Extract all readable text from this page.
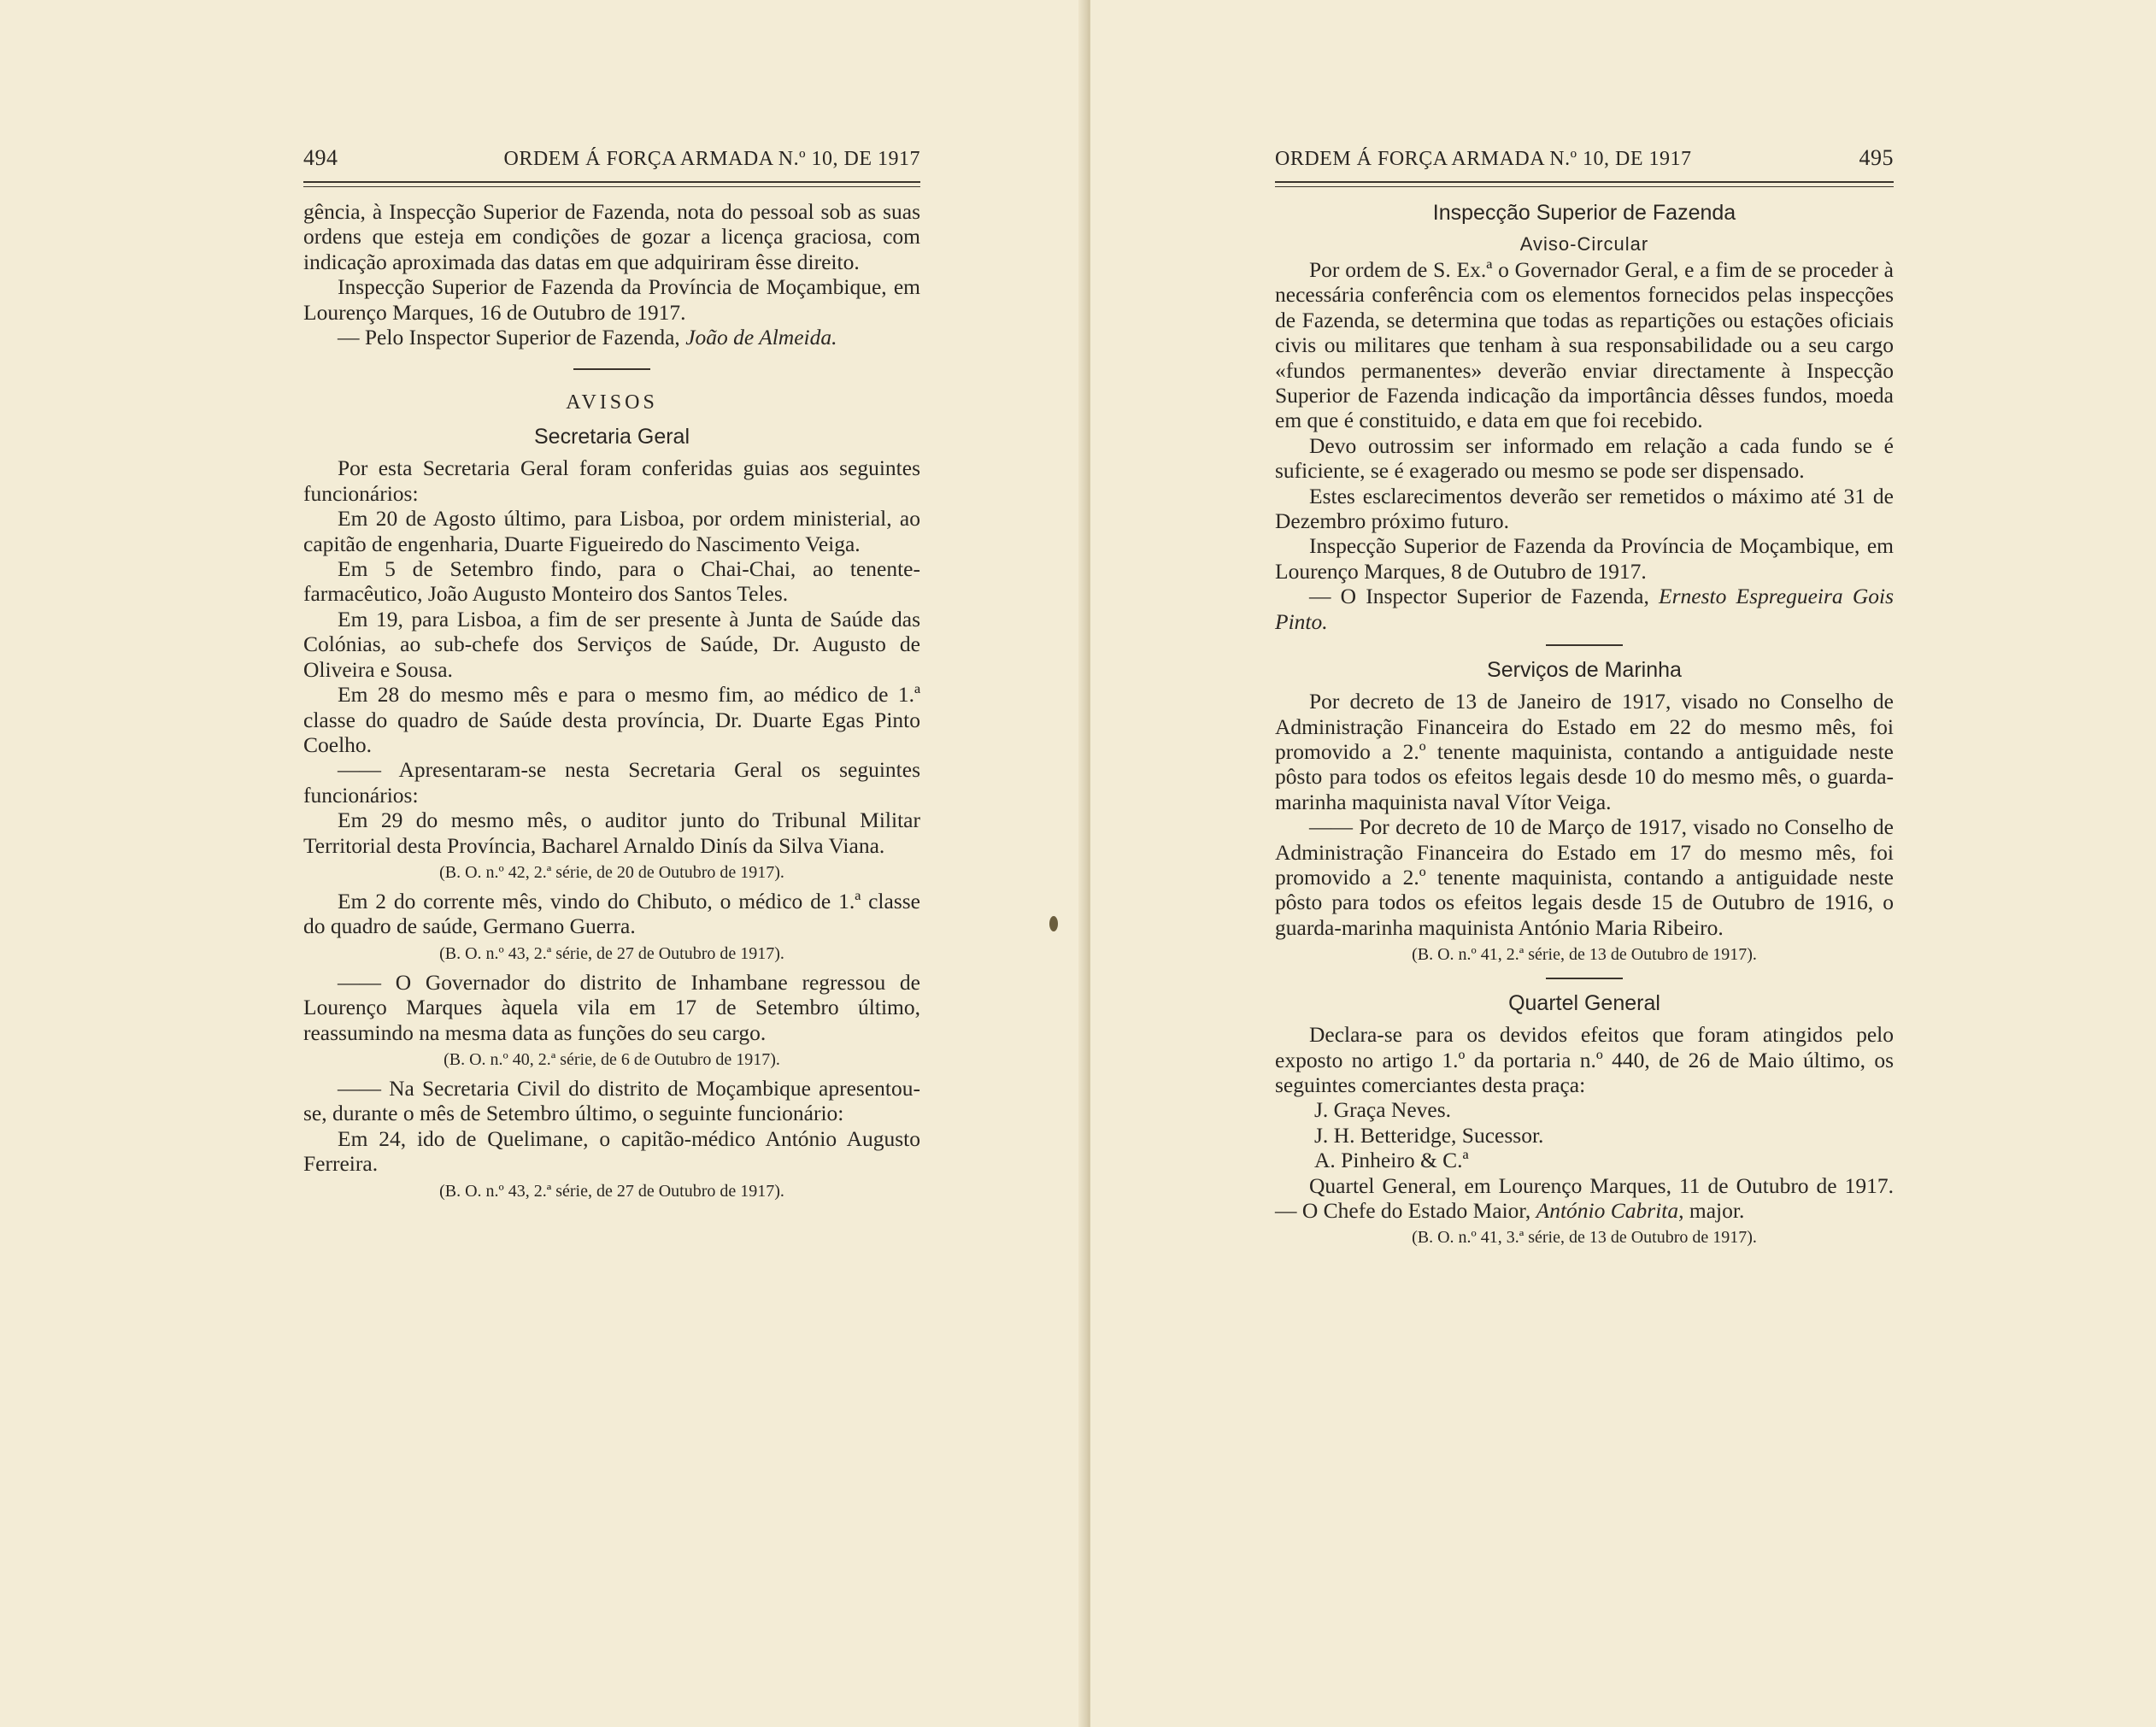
494	ORDEM Á FORÇA ARMADA N.º 10, DE 1917

gência, à Inspecção Superior de Fazenda, nota do pessoal sob as suas ordens que esteja em condições de gozar a licença graciosa, com indicação aproximada das datas em que adquiriram êsse direito.

Inspecção Superior de Fazenda da Província de Moçambique, em Lourenço Marques, 16 de Outubro de 1917.

— Pelo Inspector Superior de Fazenda, João de Almeida.

AVISOS
Secretaria Geral

Por esta Secretaria Geral foram conferidas guias aos seguintes funcionários:

Em 20 de Agosto último, para Lisboa, por ordem ministerial, ao capitão de engenharia, Duarte Figueiredo do Nascimento Veiga.

Em 5 de Setembro findo, para o Chai-Chai, ao tenente-farmacêutico, João Augusto Monteiro dos Santos Teles.

Em 19, para Lisboa, a fim de ser presente à Junta de Saúde das Colónias, ao sub-chefe dos Serviços de Saúde, Dr. Augusto de Oliveira e Sousa.

Em 28 do mesmo mês e para o mesmo fim, ao médico de 1.ª classe do quadro de Saúde desta província, Dr. Duarte Egas Pinto Coelho.

—— Apresentaram-se nesta Secretaria Geral os seguintes funcionários:

Em 29 do mesmo mês, o auditor junto do Tribunal Militar Territorial desta Província, Bacharel Arnaldo Dinís da Silva Viana.

(B. O. n.º 42, 2.ª série, de 20 de Outubro de 1917).

Em 2 do corrente mês, vindo do Chibuto, o médico de 1.ª classe do quadro de saúde, Germano Guerra.

(B. O. n.º 43, 2.ª série, de 27 de Outubro de 1917).

—— O Governador do distrito de Inhambane regressou de Lourenço Marques àquela vila em 17 de Setembro último, reassumindo na mesma data as funções do seu cargo.

(B. O. n.º 40, 2.ª série, de 6 de Outubro de 1917).

—— Na Secretaria Civil do distrito de Moçambique apresentou-se, durante o mês de Setembro último, o seguinte funcionário:

Em 24, ido de Quelimane, o capitão-médico António Augusto Ferreira.

(B. O. n.º 43, 2.ª série, de 27 de Outubro de 1917).

ORDEM Á FORÇA ARMADA N.º 10, DE 1917	495
Inspecção Superior de Fazenda
Aviso-Circular

Por ordem de S. Ex.ª o Governador Geral, e a fim de se proceder à necessária conferência com os elementos fornecidos pelas inspecções de Fazenda, se determina que todas as repartições ou estações oficiais civis ou militares que tenham à sua responsabilidade ou a seu cargo «fundos permanentes» deverão enviar directamente à Inspecção Superior de Fazenda indicação da importância dêsses fundos, moeda em que é constituido, e data em que foi recebido.

Devo outrossim ser informado em relação a cada fundo se é suficiente, se é exagerado ou mesmo se pode ser dispensado.

Estes esclarecimentos deverão ser remetidos o máximo até 31 de Dezembro próximo futuro.

Inspecção Superior de Fazenda da Província de Moçambique, em Lourenço Marques, 8 de Outubro de 1917.

— O Inspector Superior de Fazenda, Ernesto Espregueira Gois Pinto.

Serviços de Marinha

Por decreto de 13 de Janeiro de 1917, visado no Conselho de Administração Financeira do Estado em 22 do mesmo mês, foi promovido a 2.º tenente maquinista, contando a antiguidade neste pôsto para todos os efeitos legais desde 10 do mesmo mês, o guarda-marinha maquinista naval Vítor Veiga.

—— Por decreto de 10 de Março de 1917, visado no Conselho de Administração Financeira do Estado em 17 do mesmo mês, foi promovido a 2.º tenente maquinista, contando a antiguidade neste pôsto para todos os efeitos legais desde 15 de Outubro de 1916, o guarda-marinha maquinista António Maria Ribeiro.

(B. O. n.º 41, 2.ª série, de 13 de Outubro de 1917).

Quartel General

Declara-se para os devidos efeitos que foram atingidos pelo exposto no artigo 1.º da portaria n.º 440, de 26 de Maio último, os seguintes comerciantes desta praça:

J. Graça Neves.

J. H. Betteridge, Sucessor.

A. Pinheiro & C.ª

Quartel General, em Lourenço Marques, 11 de Outubro de 1917. — O Chefe do Estado Maior, António Cabrita, major.

(B. O. n.º 41, 3.ª série, de 13 de Outubro de 1917).
